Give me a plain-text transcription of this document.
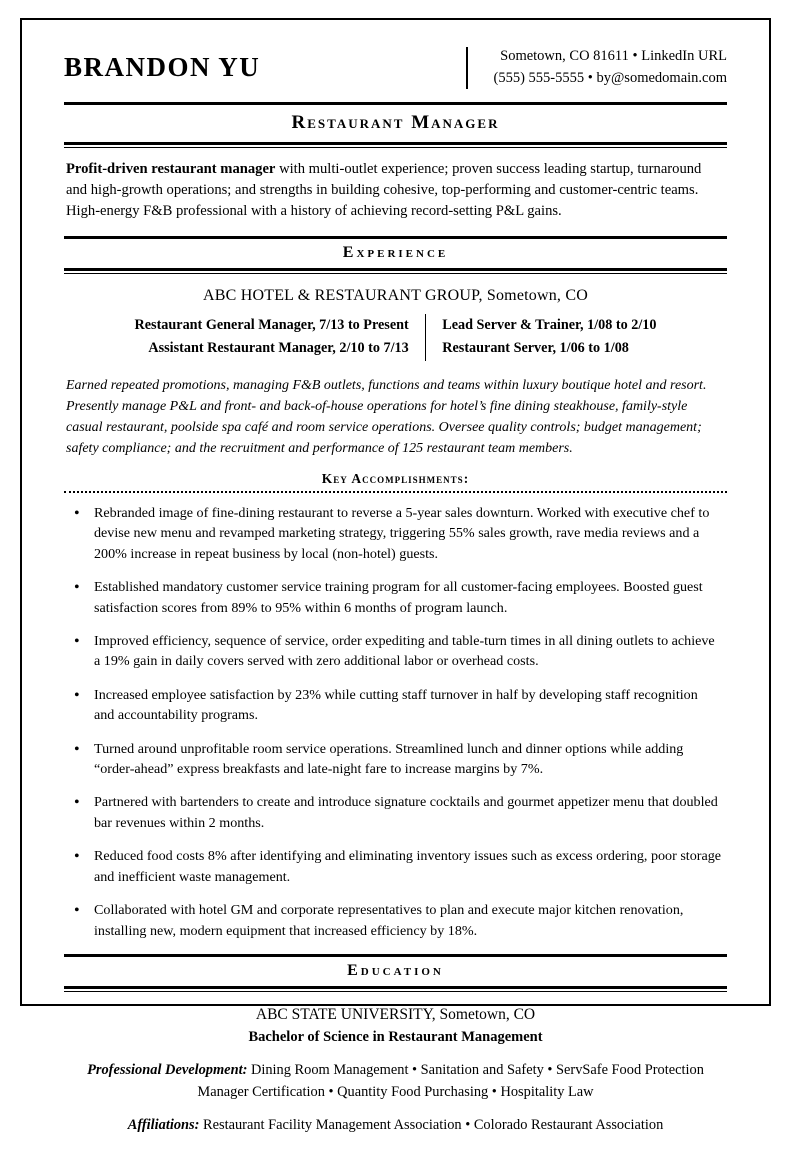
BRANDON YU	Sometown, CO 81611 • LinkedIn URL
(555) 555-5555 • by@somedomain.com
Restaurant Manager
Profit-driven restaurant manager with multi-outlet experience; proven success leading startup, turnaround and high-growth operations; and strengths in building cohesive, top-performing and customer-centric teams. High-energy F&B professional with a history of achieving record-setting P&L gains.
Experience
ABC HOTEL & RESTAURANT GROUP, Sometown, CO
Restaurant General Manager, 7/13 to Present
Assistant Restaurant Manager, 2/10 to 7/13
Lead Server & Trainer, 1/08 to 2/10
Restaurant Server, 1/06 to 1/08
Earned repeated promotions, managing F&B outlets, functions and teams within luxury boutique hotel and resort. Presently manage P&L and front- and back-of-house operations for hotel’s fine dining steakhouse, family-style casual restaurant, poolside spa café and room service operations. Oversee quality controls; budget management; safety compliance; and the recruitment and performance of 125 restaurant team members.
Key Accomplishments:
• Rebranded image of fine-dining restaurant to reverse a 5-year sales downturn. Worked with executive chef to devise new menu and revamped marketing strategy, triggering 55% sales growth, rave media reviews and a 200% increase in repeat business by local (non-hotel) guests.
• Established mandatory customer service training program for all customer-facing employees. Boosted guest satisfaction scores from 89% to 95% within 6 months of program launch.
• Improved efficiency, sequence of service, order expediting and table-turn times in all dining outlets to achieve a 19% gain in daily covers served with zero additional labor or overhead costs.
• Increased employee satisfaction by 23% while cutting staff turnover in half by developing staff recognition and accountability programs.
• Turned around unprofitable room service operations. Streamlined lunch and dinner options while adding “order-ahead” express breakfasts and late-night fare to increase margins by 7%.
• Partnered with bartenders to create and introduce signature cocktails and gourmet appetizer menu that doubled bar revenues within 2 months.
• Reduced food costs 8% after identifying and eliminating inventory issues such as excess ordering, poor storage and inefficient waste management.
• Collaborated with hotel GM and corporate representatives to plan and execute major kitchen renovation, installing new, modern equipment that increased efficiency by 18%.
Education
ABC STATE UNIVERSITY, Sometown, CO
Bachelor of Science in Restaurant Management
Professional Development: Dining Room Management • Sanitation and Safety • ServSafe Food Protection Manager Certification • Quantity Food Purchasing • Hospitality Law
Affiliations: Restaurant Facility Management Association • Colorado Restaurant Association
